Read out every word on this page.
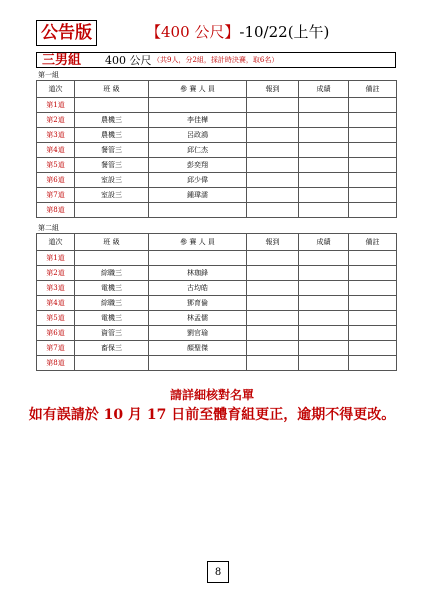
公告版	【400 公尺】-10/22(上午)
三男組 400 公尺 （共9人，分2組，採計時決賽，取6名）
第一組
道次	班 級	參 賽 人 員	報到	成績	備註
第1道					
第2道	農機三	李佳樺			
第3道	農機三	呂政鴻			
第4道	餐管三	邱仁杰			
第5道	餐管三	彭奕翔			
第6道	室設三	邱少偉			
第7道	室設三	鍾瑋濡			
第8道					
第二組
道次	班 級	參 賽 人 員	報到	成績	備註
第1道					
第2道	綜職三	林珈鋒			
第3道	電機三	古均皓			
第4道	綜職三	鄧育倫			
第5道	電機三	林孟儒			
第6道	資管三	劉官瑜			
第7道	畜保三	顏聖傑			
第8道					
請詳細核對名單
如有誤請於 10 月 17 日前至體育組更正，逾期不得更改。
8
